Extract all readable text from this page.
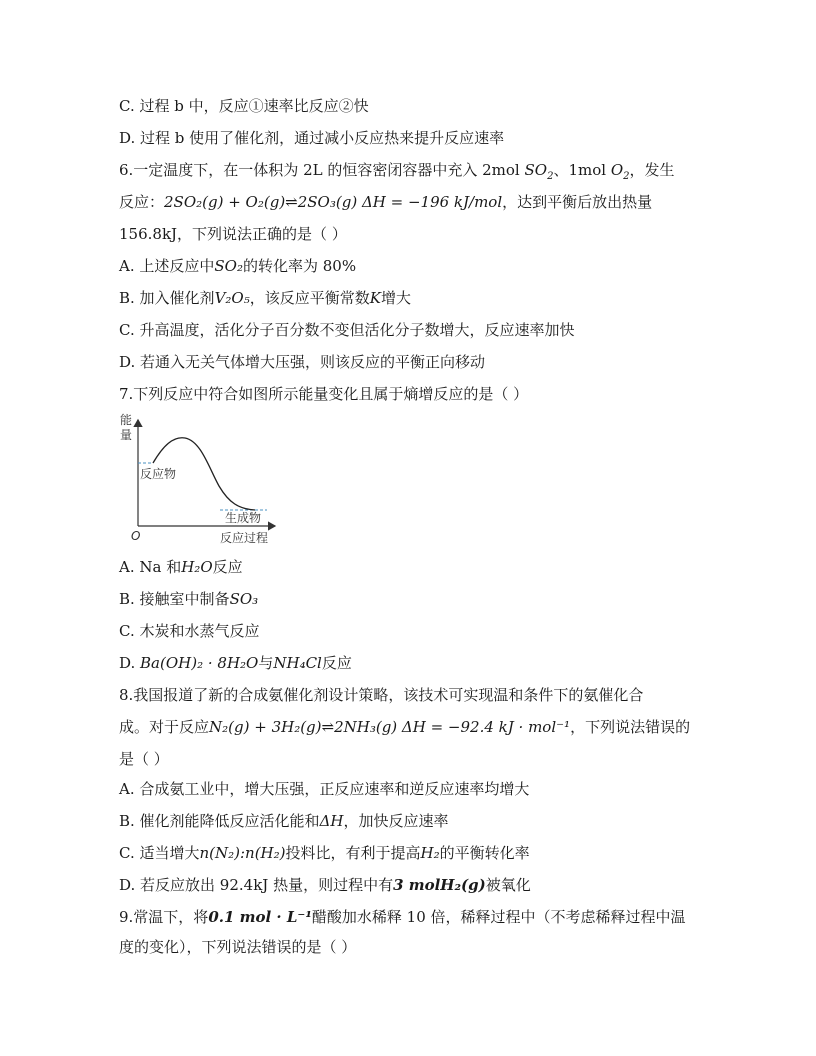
C. 过程 b 中，反应①速率比反应②快
D. 过程 b 使用了催化剂，通过减小反应热来提升反应速率
6.一定温度下，在一体积为 2L 的恒容密闭容器中充入 2mol $SO_2$、1mol $O_2$，发生
反应：2SO₂(g) + O₂(g)⇌2SO₃(g) ΔH = −196 kJ/mol，达到平衡后放出热量
156.8kJ，下列说法正确的是（ ）
A. 上述反应中SO₂的转化率为 80%
B. 加入催化剂V₂O₅，该反应平衡常数K增大
C. 升高温度，活化分子百分数不变但活化分子数增大，反应速率加快
D. 若通入无关气体增大压强，则该反应的平衡正向移动
7.下列反应中符合如图所示能量变化且属于熵增反应的是（ ）
能
量
反应物
生成物
O	反应过程
A. Na 和H₂O反应
B. 接触室中制备SO₃
C. 木炭和水蒸气反应
D. Ba(OH)₂ · 8H₂O与NH₄Cl反应
8.我国报道了新的合成氨催化剂设计策略，该技术可实现温和条件下的氨催化合
成。对于反应N₂(g) + 3H₂(g)⇌2NH₃(g) ΔH = −92.4 kJ · mol⁻¹，下列说法错误的
是（ ）
A. 合成氨工业中，增大压强，正反应速率和逆反应速率均增大
B. 催化剂能降低反应活化能和ΔH，加快反应速率
C. 适当增大n(N₂):n(H₂)投料比，有利于提高H₂的平衡转化率
D. 若反应放出 92.4kJ 热量，则过程中有3 molH₂(g)被氧化
9.常温下，将0.1 mol · L⁻¹醋酸加水稀释 10 倍，稀释过程中（不考虑稀释过程中温
度的变化），下列说法错误的是（ ）
